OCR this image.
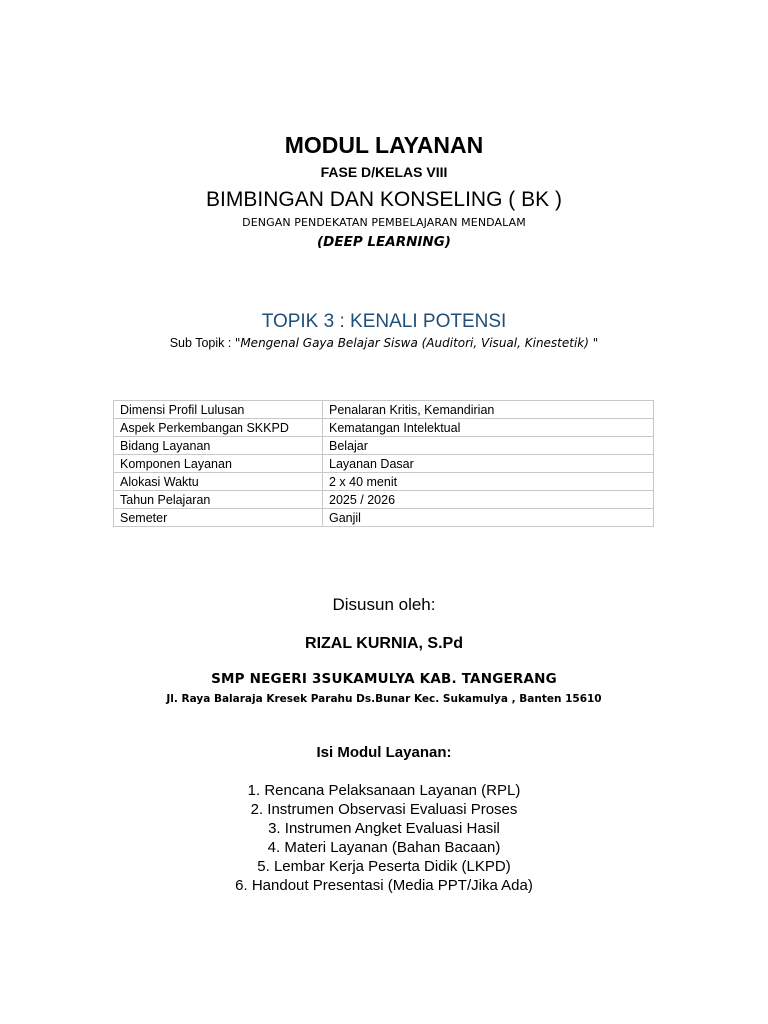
MODUL LAYANAN
FASE D/KELAS VIII
BIMBINGAN DAN KONSELING ( BK )
DENGAN PENDEKATAN PEMBELAJARAN MENDALAM
(DEEP LEARNING)
TOPIK 3 : KENALI POTENSI
Sub Topik : "Mengenal Gaya Belajar Siswa (Auditori, Visual, Kinestetik) "
Dimensi Profil Lulusan	Penalaran Kritis, Kemandirian
Aspek Perkembangan SKKPD	Kematangan Intelektual
Bidang Layanan	Belajar
Komponen Layanan	Layanan Dasar
Alokasi Waktu	2 x 40 menit
Tahun Pelajaran	2025 / 2026
Semeter	Ganjil
Disusun oleh:
RIZAL KURNIA, S.Pd
SMP NEGERI 3SUKAMULYA KAB. TANGERANG
Jl. Raya Balaraja Kresek Parahu Ds.Bunar Kec. Sukamulya , Banten 15610
Isi Modul Layanan:
1. Rencana Pelaksanaan Layanan (RPL)
2. Instrumen Observasi Evaluasi Proses
3. Instrumen Angket Evaluasi Hasil
4. Materi Layanan (Bahan Bacaan)
5. Lembar Kerja Peserta Didik (LKPD)
6. Handout Presentasi (Media PPT/Jika Ada)
